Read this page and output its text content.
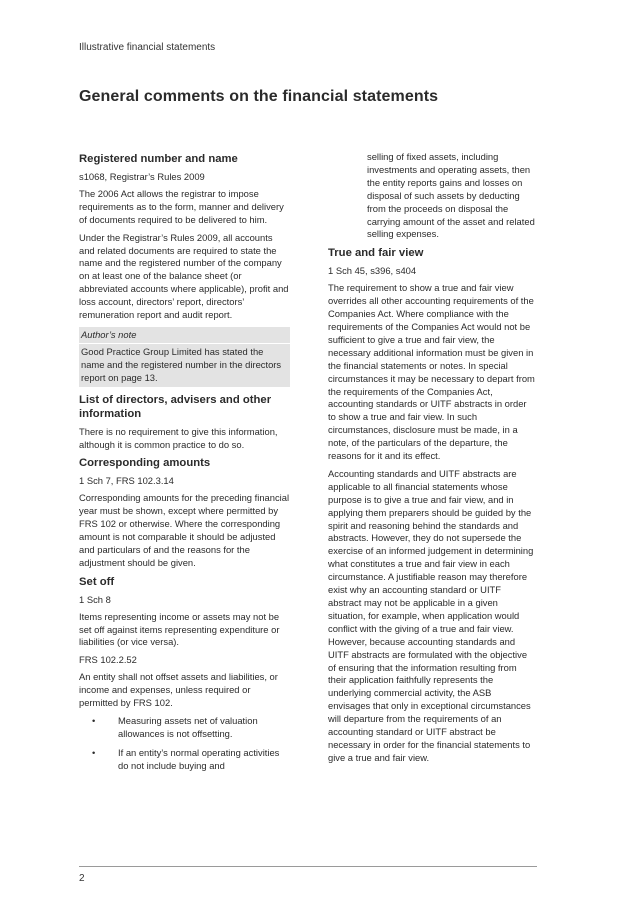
Illustrative financial statements
General comments on the financial statements
Registered number and name

s1068, Registrar’s Rules 2009

The 2006 Act allows the registrar to impose requirements as to the form, manner and delivery of documents required to be delivered to him.

Under the Registrar’s Rules 2009, all accounts and related documents are required to state the name and the registered number of the company on at least one of the balance sheet (or abbreviated accounts where applicable), profit and loss account, directors’ report, directors’ remuneration report and audit report.

Author’s note
Good Practice Group Limited has stated the name and the registered number in the directors report on page 13.
List of directors, advisers and other information

There is no requirement to give this information, although it is common practice to do so.

Corresponding amounts

1 Sch 7, FRS 102.3.14

Corresponding amounts for the preceding financial year must be shown, except where permitted by FRS 102 or otherwise. Where the corresponding amount is not comparable it should be adjusted and particulars of and the reasons for the adjustment should be given.

Set off

1 Sch 8

Items representing income or assets may not be set off against items representing expenditure or liabilities (or vice versa).

FRS 102.2.52

An entity shall not offset assets and liabilities, or income and expenses, unless required or permitted by FRS 102.

• Measuring assets net of valuation allowances is not offsetting.
• If an entity’s normal operating activities do not include buying and

selling of fixed assets, including investments and operating assets, then the entity reports gains and losses on disposal of such assets by deducting from the proceeds on disposal the carrying amount of the asset and related selling expenses.

True and fair view

1 Sch 45, s396, s404

The requirement to show a true and fair view overrides all other accounting requirements of the Companies Act. Where compliance with the requirements of the Companies Act would not be sufficient to give a true and fair view, the necessary additional information must be given in the financial statements or notes. In special circumstances it may be necessary to depart from the requirements of the Companies Act, accounting standards or UITF abstracts in order to show a true and fair view. In such circumstances, disclosure must be made, in a note, of the particulars of the departure, the reasons for it and its effect.

Accounting standards and UITF abstracts are applicable to all financial statements whose purpose is to give a true and fair view, and in applying them preparers should be guided by the spirit and reasoning behind the standards and abstracts. However, they do not supersede the exercise of an informed judgement in determining what constitutes a true and fair view in each circumstance. A justifiable reason may therefore exist why an accounting standard or UITF abstract may not be applicable in a given situation, for example, when application would conflict with the giving of a true and fair view. However, because accounting standards and UITF abstracts are formulated with the objective of ensuring that the information resulting from their application faithfully represents the underlying commercial activity, the ASB envisages that only in exceptional circumstances will departure from the requirements of an accounting standard or UITF abstract be necessary in order for the financial statements to give a true and fair view.

2
